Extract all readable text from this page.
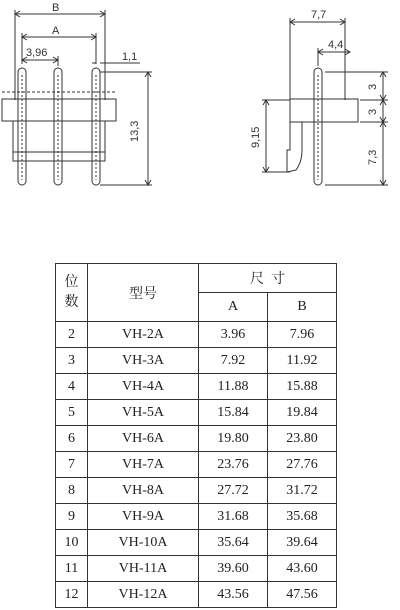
B
A
3,96	1,1
13,3
7,7
4,4
3
3
7,3
9,15
位
数	型号	尺  寸	
		A	B
2	VH-2A	3.96	7.96
3	VH-3A	7.92	11.92
4	VH-4A	11.88	15.88
5	VH-5A	15.84	19.84
6	VH-6A	19.80	23.80
7	VH-7A	23.76	27.76
8	VH-8A	27.72	31.72
9	VH-9A	31.68	35.68
10	VH-10A	35.64	39.64
11	VH-11A	39.60	43.60
12	VH-12A	43.56	47.56
